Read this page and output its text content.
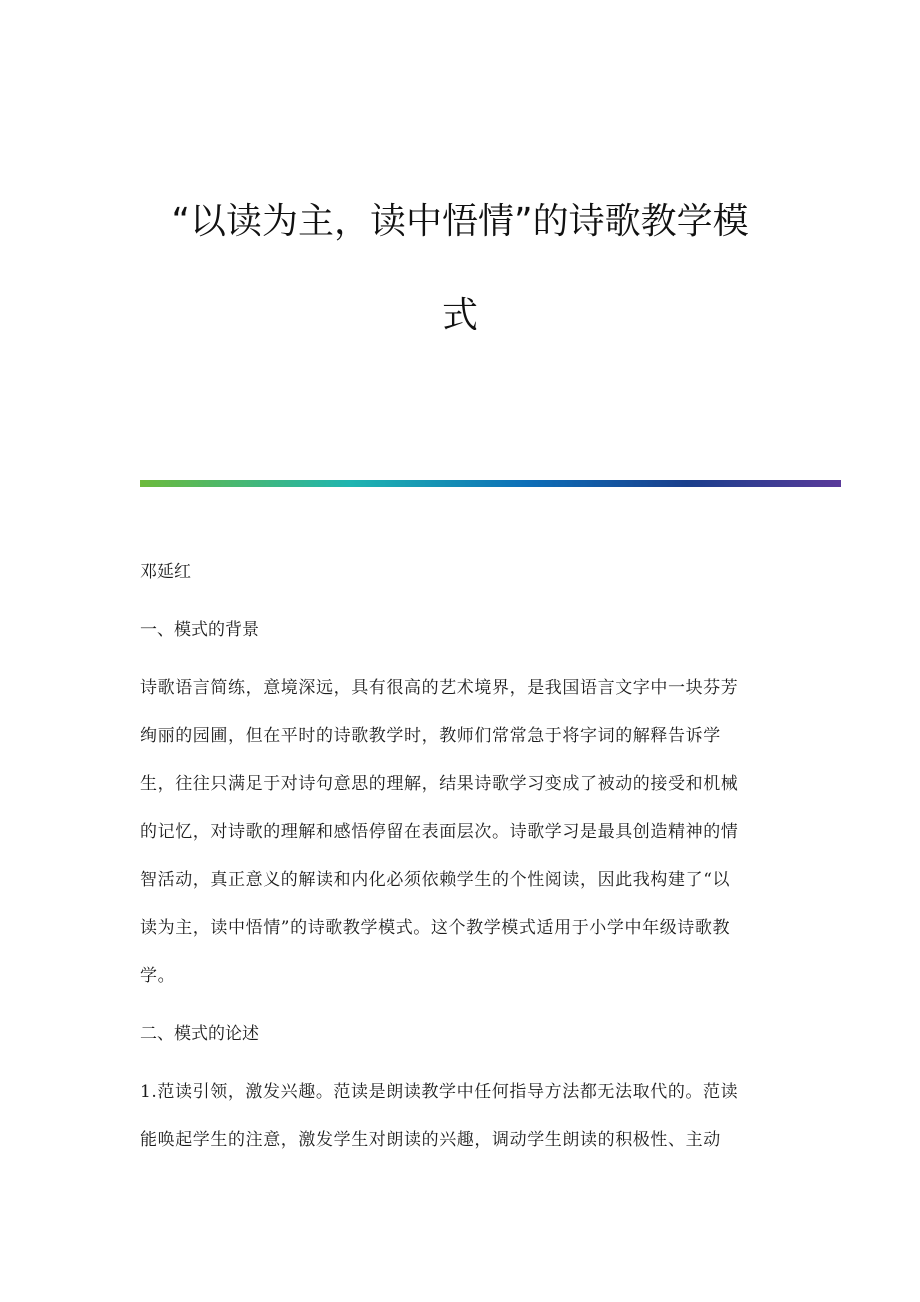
“以读为主，读中悟情”的诗歌教学模
式

邓延红

一、模式的背景

诗歌语言简练，意境深远，具有很高的艺术境界，是我国语言文字中一块芬芳
绚丽的园圃，但在平时的诗歌教学时，教师们常常急于将字词的解释告诉学
生，往往只满足于对诗句意思的理解，结果诗歌学习变成了被动的接受和机械
的记忆，对诗歌的理解和感悟停留在表面层次。诗歌学习是最具创造精神的情
智活动，真正意义的解读和内化必须依赖学生的个性阅读，因此我构建了“以
读为主，读中悟情”的诗歌教学模式。这个教学模式适用于小学中年级诗歌教
学。

二、模式的论述

1.范读引领，激发兴趣。范读是朗读教学中任何指导方法都无法取代的。范读
能唤起学生的注意，激发学生对朗读的兴趣，调动学生朗读的积极性、主动
